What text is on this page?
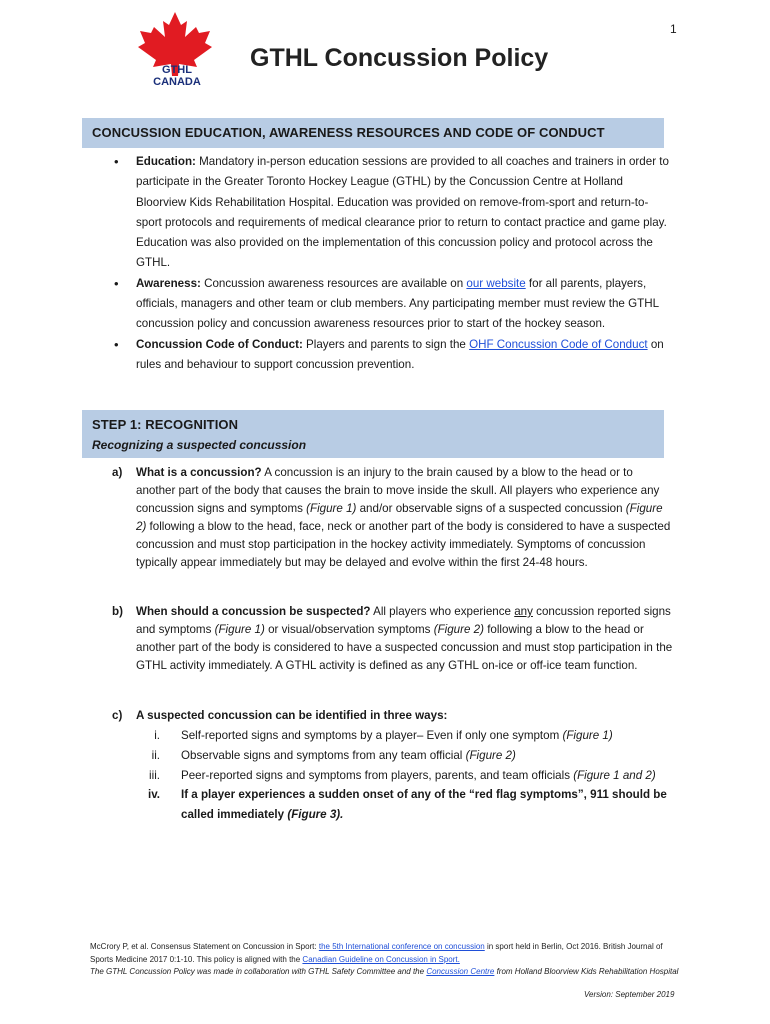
1
GTHL
CANADA
GTHL Concussion Policy
CONCUSSION EDUCATION, AWARENESS RESOURCES AND CODE OF CONDUCT
• Education: Mandatory in-person education sessions are provided to all coaches and trainers in order to participate in the Greater Toronto Hockey League (GTHL) by the Concussion Centre at Holland Bloorview Kids Rehabilitation Hospital. Education was provided on remove-from-sport and return-to-sport protocols and requirements of medical clearance prior to return to contact practice and game play. Education was also provided on the implementation of this concussion policy and protocol across the GTHL.
• Awareness: Concussion awareness resources are available on our website for all parents, players, officials, managers and other team or club members. Any participating member must review the GTHL concussion policy and concussion awareness resources prior to start of the hockey season.
• Concussion Code of Conduct: Players and parents to sign the OHF Concussion Code of Conduct on rules and behaviour to support concussion prevention.
STEP 1: RECOGNITION
Recognizing a suspected concussion
a) What is a concussion? A concussion is an injury to the brain caused by a blow to the head or to another part of the body that causes the brain to move inside the skull. All players who experience any concussion signs and symptoms (Figure 1) and/or observable signs of a suspected concussion (Figure 2) following a blow to the head, face, neck or another part of the body is considered to have a suspected concussion and must stop participation in the hockey activity immediately. Symptoms of concussion typically appear immediately but may be delayed and evolve within the first 24-48 hours.
b) When should a concussion be suspected? All players who experience any concussion reported signs and symptoms (Figure 1) or visual/observation symptoms (Figure 2) following a blow to the head or another part of the body is considered to have a suspected concussion and must stop participation in the GTHL activity immediately. A GTHL activity is defined as any GTHL on-ice or off-ice team function.
c) A suspected concussion can be identified in three ways:
i. Self-reported signs and symptoms by a player– Even if only one symptom (Figure 1)
ii. Observable signs and symptoms from any team official (Figure 2)
iii. Peer-reported signs and symptoms from players, parents, and team officials (Figure 1 and 2)
iv. If a player experiences a sudden onset of any of the “red flag symptoms”, 911 should be called immediately (Figure 3).
McCrory P, et al. Consensus Statement on Concussion in Sport: the 5th International conference on concussion in sport held in Berlin, Oct 2016. British Journal of Sports Medicine 2017 0:1-10. This policy is aligned with the Canadian Guideline on Concussion in Sport.
The GTHL Concussion Policy was made in collaboration with GTHL Safety Committee and the Concussion Centre from Holland Bloorview Kids Rehabilitation Hospital
Version: September 2019
